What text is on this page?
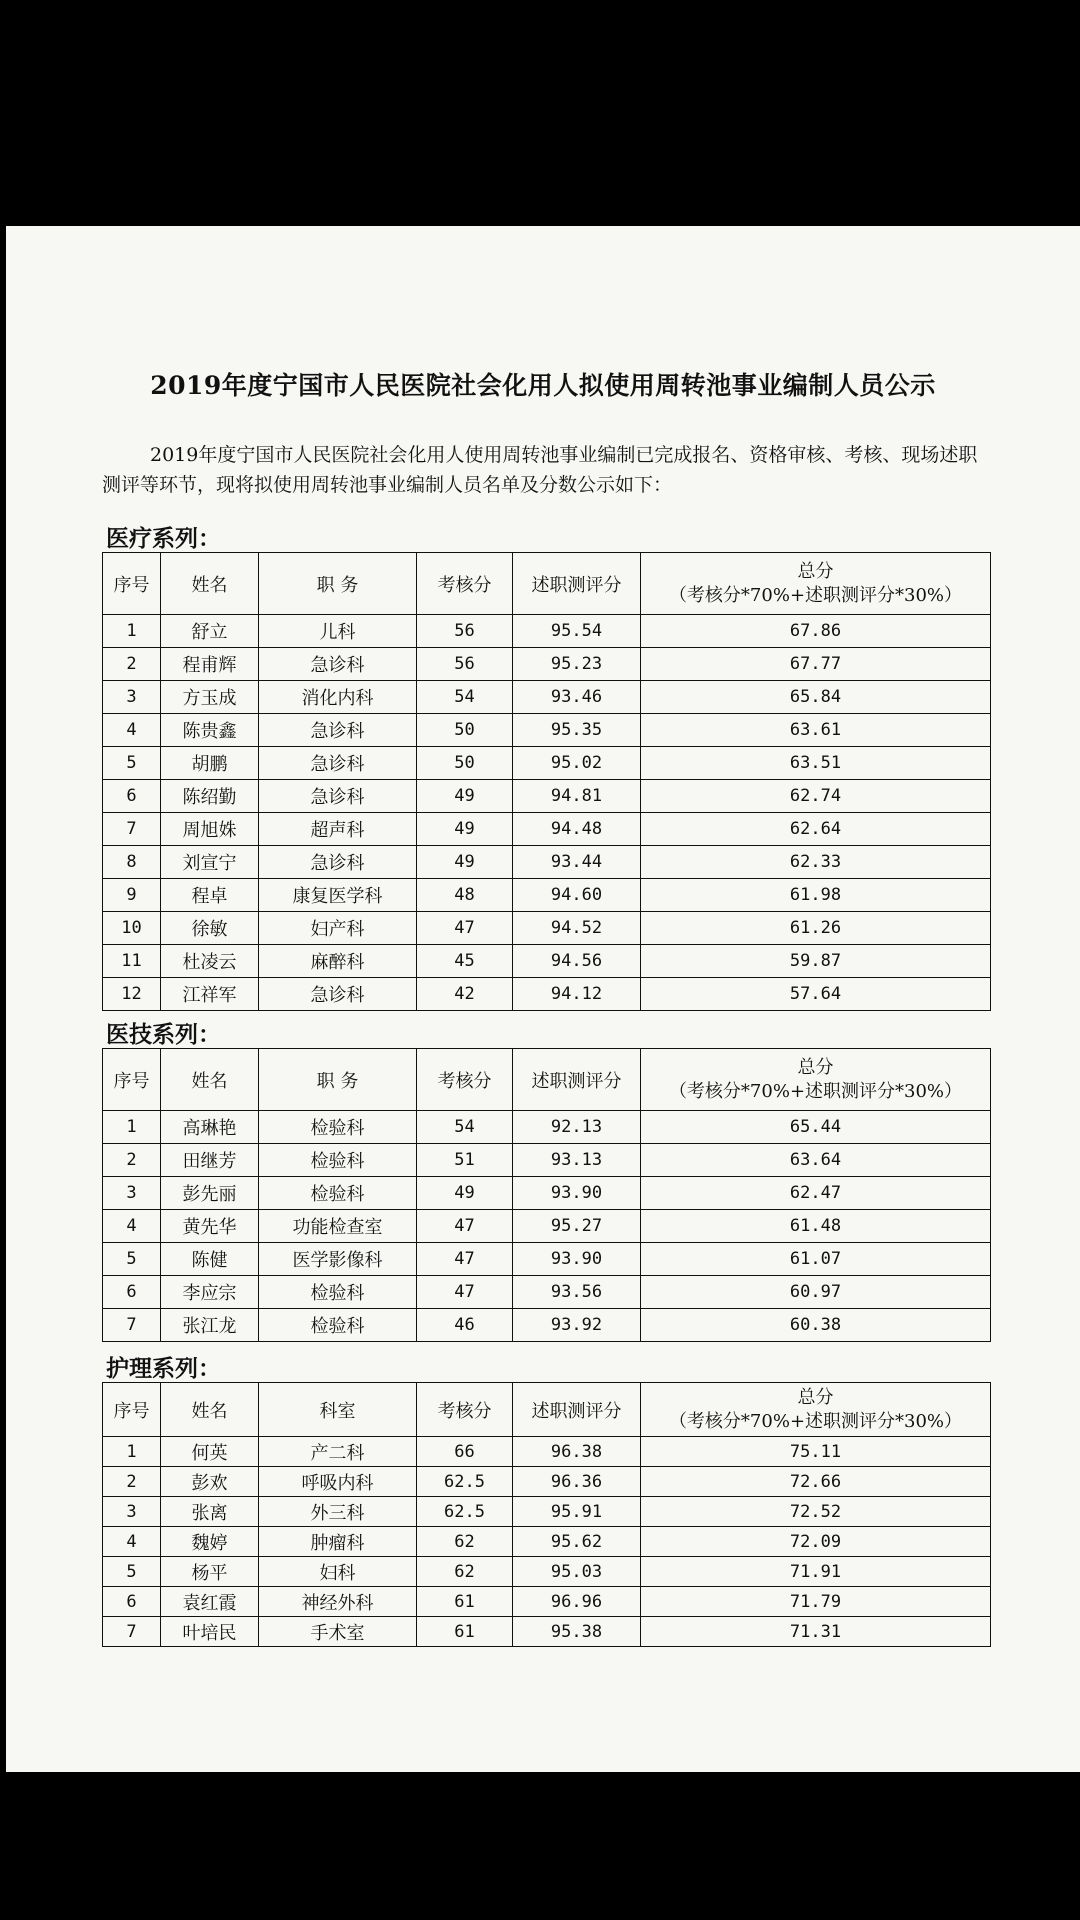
2019年度宁国市人民医院社会化用人拟使用周转池事业编制人员公示
2019年度宁国市人民医院社会化用人使用周转池事业编制已完成报名、资格审核、考核、现场述职测评等环节，现将拟使用周转池事业编制人员名单及分数公示如下：
医疗系列：
序号	姓名	职 务	考核分	述职测评分	总分
（考核分*70%+述职测评分*30%）

1	舒立	儿科	56	95.54	67.86
2	程甫辉	急诊科	56	95.23	67.77
3	方玉成	消化内科	54	93.46	65.84
4	陈贵鑫	急诊科	50	95.35	63.61
5	胡鹏	急诊科	50	95.02	63.51
6	陈绍勤	急诊科	49	94.81	62.74
7	周旭姝	超声科	49	94.48	62.64
8	刘宣宁	急诊科	49	93.44	62.33
9	程卓	康复医学科	48	94.60	61.98
10	徐敏	妇产科	47	94.52	61.26
11	杜凌云	麻醉科	45	94.56	59.87
12	江祥军	急诊科	42	94.12	57.64
医技系列：
序号	姓名	职 务	考核分	述职测评分	总分
（考核分*70%+述职测评分*30%）

1	高琳艳	检验科	54	92.13	65.44
2	田继芳	检验科	51	93.13	63.64
3	彭先丽	检验科	49	93.90	62.47
4	黄先华	功能检查室	47	95.27	61.48
5	陈健	医学影像科	47	93.90	61.07
6	李应宗	检验科	47	93.56	60.97
7	张江龙	检验科	46	93.92	60.38
护理系列：
序号	姓名	科室	考核分	述职测评分	总分
（考核分*70%+述职测评分*30%）

1	何英	产二科	66	96.38	75.11
2	彭欢	呼吸内科	62.5	96.36	72.66
3	张离	外三科	62.5	95.91	72.52
4	魏婷	肿瘤科	62	95.62	72.09
5	杨平	妇科	62	95.03	71.91
6	袁红霞	神经外科	61	96.96	71.79
7	叶培民	手术室	61	95.38	71.31
